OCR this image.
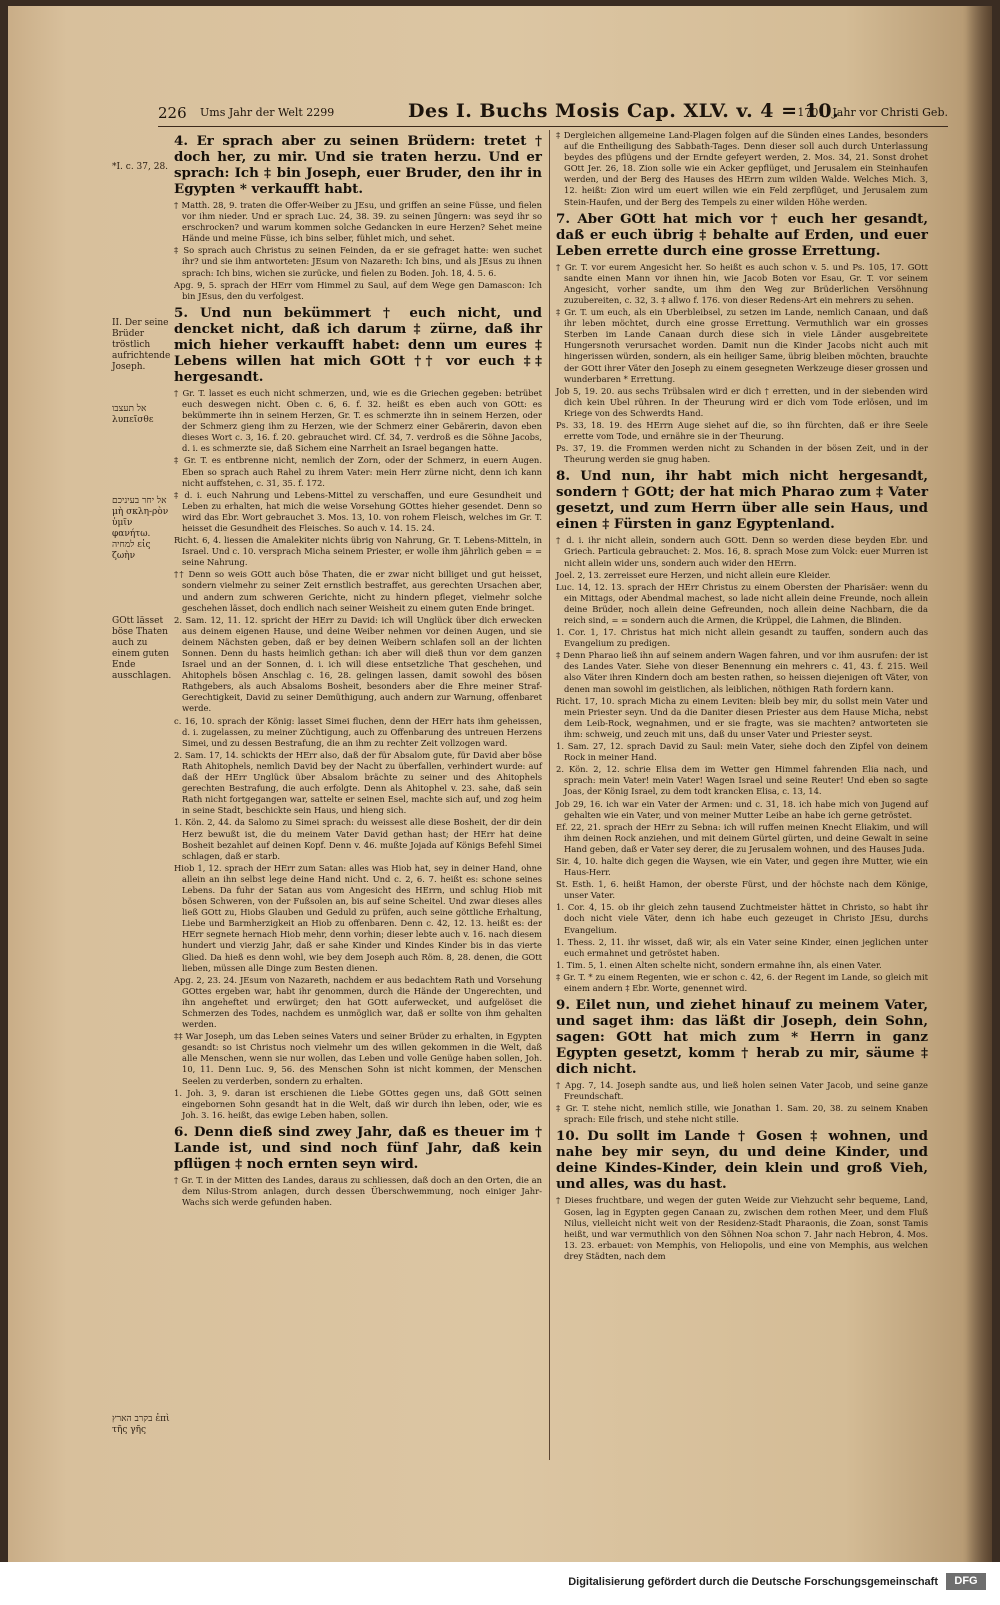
226 Ums Jahr der Welt 2299	Des I. Buchs Mosis Cap. XLV. v. 4 = 10.
1701. Jahr vor Christi Geb.
*I. c. 37, 28.
II. Der seine Brüder tröstlich aufrichtende Joseph.
אל תעצבו λυπεῖσθε
אל יחר בעיניכם μὴ σκλη-ρὸν ὑμῖν φανήτω. למחיה εἰς ζωὴν
GOtt lässet böse Thaten auch zu einem guten Ende ausschlagen.
בקרב הארץ ἐπὶ τῆς γῆς
4. Er sprach aber zu seinen Brüdern: tretet † doch her, zu mir. Und sie traten herzu. Und er sprach: Ich ‡ bin Joseph, euer Bruder, den ihr in Egypten * verkaufft habt.
† Matth. 28, 9. traten die Offer-Weiber zu JEsu, und griffen an seine Füsse, und fielen vor ihm nieder. Und er sprach Luc. 24, 38. 39. zu seinen Jüngern: was seyd ihr so erschrocken? und warum kommen solche Gedancken in eure Herzen? Sehet meine Hände und meine Füsse, ich bins selber, fühlet mich, und sehet.
‡ So sprach auch Christus zu seinen Feinden, da er sie gefraget hatte: wen suchet ihr? und sie ihm antworteten: JEsum von Nazareth: Ich bins, und als JEsus zu ihnen sprach: Ich bins, wichen sie zurücke, und fielen zu Boden. Joh. 18, 4. 5. 6.
Apg. 9, 5. sprach der HErr vom Himmel zu Saul, auf dem Wege gen Damascon: Ich bin JEsus, den du verfolgest.
5. Und nun bekümmert † euch nicht, und dencket nicht, daß ich darum ‡ zürne, daß ihr mich hieher verkaufft habet: denn um eures ‡ Lebens willen hat mich GOtt †† vor euch ‡‡ hergesandt.
† Gr. T. lasset es euch nicht schmerzen, und, wie es die Griechen gegeben: betrübet euch deswegen nicht. Oben c. 6, 6. f. 32. heißt es eben auch von GOtt: es bekümmerte ihn in seinem Herzen, Gr. T. es schmerzte ihn in seinem Herzen, oder der Schmerz gieng ihm zu Herzen, wie der Schmerz einer Gebärerin, davon eben dieses Wort c. 3, 16. f. 20. gebrauchet wird. Cf. 34, 7. verdroß es die Söhne Jacobs, d. i. es schmerzte sie, daß Sichem eine Narrheit an Israel begangen hatte.
‡ Gr. T. es entbrenne nicht, nemlich der Zorn, oder der Schmerz, in euern Augen. Eben so sprach auch Rahel zu ihrem Vater: mein Herr zürne nicht, denn ich kann nicht auffstehen, c. 31, 35. f. 172.
‡ d. i. euch Nahrung und Lebens-Mittel zu verschaffen, und eure Gesundheit und Leben zu erhalten, hat mich die weise Vorsehung GOttes hieher gesendet. Denn so wird das Ebr. Wort gebrauchet 3. Mos. 13, 10. von rohem Fleisch, welches im Gr. T. heisset die Gesundheit des Fleisches. So auch v. 14. 15. 24.
Richt. 6, 4. liessen die Amalekiter nichts übrig von Nahrung, Gr. T. Lebens-Mitteln, in Israel. Und c. 10. versprach Micha seinem Priester, er wolle ihm jährlich geben = = seine Nahrung.
†† Denn so weis GOtt auch böse Thaten, die er zwar nicht billiget und gut heisset, sondern vielmehr zu seiner Zeit ernstlich bestraffet, aus gerechten Ursachen aber, und andern zum schweren Gerichte, nicht zu hindern pfleget, vielmehr solche geschehen lässet, doch endlich nach seiner Weisheit zu einem guten Ende bringet.
2. Sam. 12, 11. 12. spricht der HErr zu David: ich will Unglück über dich erwecken aus deinem eigenen Hause, und deine Weiber nehmen vor deinen Augen, und sie deinem Nächsten geben, daß er bey deinen Weibern schlafen soll an der lichten Sonnen. Denn du hasts heimlich gethan: ich aber will dieß thun vor dem ganzen Israel und an der Sonnen, d. i. ich will diese entsetzliche That geschehen, und Ahitophels bösen Anschlag c. 16, 28. gelingen lassen, damit sowohl des bösen Rathgebers, als auch Absaloms Bosheit, besonders aber die Ehre meiner Straf-Gerechtigkeit, David zu seiner Demüthigung, auch andern zur Warnung, offenbaret werde.
c. 16, 10. sprach der König: lasset Simei fluchen, denn der HErr hats ihm geheissen, d. i. zugelassen, zu meiner Züchtigung, auch zu Offenbarung des untreuen Herzens Simei, und zu dessen Bestrafung, die an ihm zu rechter Zeit vollzogen ward.
2. Sam. 17, 14. schickts der HErr also, daß der für Absalom gute, für David aber böse Rath Ahitophels, nemlich David bey der Nacht zu überfallen, verhindert wurde: auf daß der HErr Unglück über Absalom brächte zu seiner und des Ahitophels gerechten Bestrafung, die auch erfolgte. Denn als Ahitophel v. 23. sahe, daß sein Rath nicht fortgegangen war, sattelte er seinen Esel, machte sich auf, und zog heim in seine Stadt, beschickte sein Haus, und hieng sich.
1. Kön. 2, 44. da Salomo zu Simei sprach: du weissest alle diese Bosheit, der dir dein Herz bewußt ist, die du meinem Vater David gethan hast; der HErr hat deine Bosheit bezahlet auf deinen Kopf. Denn v. 46. mußte Jojada auf Königs Befehl Simei schlagen, daß er starb.
Hiob 1, 12. sprach der HErr zum Satan: alles was Hiob hat, sey in deiner Hand, ohne allein an ihn selbst lege deine Hand nicht. Und c. 2, 6. 7. heißt es: schone seines Lebens. Da fuhr der Satan aus vom Angesicht des HErrn, und schlug Hiob mit bösen Schweren, von der Fußsolen an, bis auf seine Scheitel. Und zwar dieses alles ließ GOtt zu, Hiobs Glauben und Geduld zu prüfen, auch seine göttliche Erhaltung, Liebe und Barmherzigkeit an Hiob zu offenbaren. Denn c. 42, 12. 13. heißt es: der HErr segnete hernach Hiob mehr, denn vorhin; dieser lebte auch v. 16. nach diesem hundert und vierzig Jahr, daß er sahe Kinder und Kindes Kinder bis in das vierte Glied. Da hieß es denn wohl, wie bey dem Joseph auch Röm. 8, 28. denen, die GOtt lieben, müssen alle Dinge zum Besten dienen.
Apg. 2, 23. 24. JEsum von Nazareth, nachdem er aus bedachtem Rath und Vorsehung GOttes ergeben war, habt ihr genommen, durch die Hände der Ungerechten, und ihn angeheftet und erwürget; den hat GOtt auferwecket, und aufgelöset die Schmerzen des Todes, nachdem es unmöglich war, daß er sollte von ihm gehalten werden.
‡‡ War Joseph, um das Leben seines Vaters und seiner Brüder zu erhalten, in Egypten gesandt: so ist Christus noch vielmehr um des willen gekommen in die Welt, daß alle Menschen, wenn sie nur wollen, das Leben und volle Genüge haben sollen, Joh. 10, 11. Denn Luc. 9, 56. des Menschen Sohn ist nicht kommen, der Menschen Seelen zu verderben, sondern zu erhalten.
1. Joh. 3, 9. daran ist erschienen die Liebe GOttes gegen uns, daß GOtt seinen eingebornen Sohn gesandt hat in die Welt, daß wir durch ihn leben, oder, wie es Joh. 3. 16. heißt, das ewige Leben haben, sollen.
6. Denn dieß sind zwey Jahr, daß es theuer im † Lande ist, und sind noch fünf Jahr, daß kein pflügen ‡ noch ernten seyn wird.
† Gr. T. in der Mitten des Landes, daraus zu schliessen, daß doch an den Orten, die an dem Nilus-Strom anlagen, durch dessen Überschwemmung, noch einiger Jahr-Wachs sich werde gefunden haben.
‡ Dergleichen allgemeine Land-Plagen folgen auf die Sünden eines Landes, besonders auf die Entheiligung des Sabbath-Tages. Denn dieser soll auch durch Unterlassung beydes des pflügens und der Erndte gefeyert werden, 2. Mos. 34, 21. Sonst drohet GOtt Jer. 26, 18. Zion solle wie ein Acker gepflüget, und Jerusalem ein Steinhaufen werden, und der Berg des Hauses des HErrn zum wilden Walde. Welches Mich. 3, 12. heißt: Zion wird um euert willen wie ein Feld zerpflüget, und Jerusalem zum Stein-Haufen, und der Berg des Tempels zu einer wilden Höhe werden.
7. Aber GOtt hat mich vor † euch her gesandt, daß er euch übrig ‡ behalte auf Erden, und euer Leben errette durch eine grosse Errettung.
† Gr. T. vor eurem Angesicht her. So heißt es auch schon v. 5. und Ps. 105, 17. GOtt sandte einen Mann vor ihnen hin, wie Jacob Boten vor Esau, Gr. T. vor seinem Angesicht, vorher sandte, um ihm den Weg zur Brüderlichen Versöhnung zuzubereiten, c. 32, 3. ‡ allwo f. 176. von dieser Redens-Art ein mehrers zu sehen.
‡ Gr. T. um euch, als ein Uberbleibsel, zu setzen im Lande, nemlich Canaan, und daß ihr leben möchtet, durch eine grosse Errettung. Vermuthlich war ein grosses Sterben im Lande Canaan durch diese sich in viele Länder ausgebreitete Hungersnoth verursachet worden. Damit nun die Kinder Jacobs nicht auch mit hingerissen würden, sondern, als ein heiliger Same, übrig bleiben möchten, brauchte der GOtt ihrer Väter den Joseph zu einem gesegneten Werkzeuge dieser grossen und wunderbaren * Errettung.
Job 5, 19. 20. aus sechs Trübsalen wird er dich † erretten, und in der siebenden wird dich kein Ubel rühren. In der Theurung wird er dich vom Tode erlösen, und im Kriege von des Schwerdts Hand.
Ps. 33, 18. 19. des HErrn Auge siehet auf die, so ihn fürchten, daß er ihre Seele errette vom Tode, und ernähre sie in der Theurung.
Ps. 37, 19. die Frommen werden nicht zu Schanden in der bösen Zeit, und in der Theurung werden sie gnug haben.
8. Und nun, ihr habt mich nicht hergesandt, sondern † GOtt; der hat mich Pharao zum ‡ Vater gesetzt, und zum Herrn über alle sein Haus, und einen ‡ Fürsten in ganz Egyptenland.
† d. i. ihr nicht allein, sondern auch GOtt. Denn so werden diese beyden Ebr. und Griech. Particula gebrauchet: 2. Mos. 16, 8. sprach Mose zum Volck: euer Murren ist nicht allein wider uns, sondern auch wider den HErrn.
Joel. 2, 13. zerreisset eure Herzen, und nicht allein eure Kleider.
Luc. 14, 12. 13. sprach der HErr Christus zu einem Obersten der Pharisäer: wenn du ein Mittags, oder Abendmal machest, so lade nicht allein deine Freunde, noch allein deine Brüder, noch allein deine Gefreunden, noch allein deine Nachbarn, die da reich sind, = = sondern auch die Armen, die Krüppel, die Lahmen, die Blinden.
1. Cor. 1, 17. Christus hat mich nicht allein gesandt zu tauffen, sondern auch das Evangelium zu predigen.
‡ Denn Pharao ließ ihn auf seinem andern Wagen fahren, und vor ihm ausrufen: der ist des Landes Vater. Siehe von dieser Benennung ein mehrers c. 41, 43. f. 215. Weil also Väter ihren Kindern doch am besten rathen, so heissen diejenigen oft Väter, von denen man sowohl im geistlichen, als leiblichen, nöthigen Rath fordern kann.
Richt. 17, 10. sprach Micha zu einem Leviten: bleib bey mir, du sollst mein Vater und mein Priester seyn. Und da die Daniter diesen Priester aus dem Hause Micha, nebst dem Leib-Rock, wegnahmen, und er sie fragte, was sie machten? antworteten sie ihm: schweig, und zeuch mit uns, daß du unser Vater und Priester seyst.
1. Sam. 27, 12. sprach David zu Saul: mein Vater, siehe doch den Zipfel von deinem Rock in meiner Hand.
2. Kön. 2, 12. schrie Elisa dem im Wetter gen Himmel fahrenden Elia nach, und sprach: mein Vater! mein Vater! Wagen Israel und seine Reuter! Und eben so sagte Joas, der König Israel, zu dem todt krancken Elisa, c. 13, 14.
Job 29, 16. ich war ein Vater der Armen: und c. 31, 18. ich habe mich von Jugend auf gehalten wie ein Vater, und von meiner Mutter Leibe an habe ich gerne getröstet.
Ef. 22, 21. sprach der HErr zu Sebna: ich will ruffen meinen Knecht Eliakim, und will ihm deinen Rock anziehen, und mit deinem Gürtel gürten, und deine Gewalt in seine Hand geben, daß er Vater sey derer, die zu Jerusalem wohnen, und des Hauses Juda.
Sir. 4, 10. halte dich gegen die Waysen, wie ein Vater, und gegen ihre Mutter, wie ein Haus-Herr.
St. Esth. 1, 6. heißt Hamon, der oberste Fürst, und der höchste nach dem Könige, unser Vater.
1. Cor. 4, 15. ob ihr gleich zehn tausend Zuchtmeister hättet in Christo, so habt ihr doch nicht viele Väter, denn ich habe euch gezeuget in Christo JEsu, durchs Evangelium.
1. Thess. 2, 11. ihr wisset, daß wir, als ein Vater seine Kinder, einen jeglichen unter euch ermahnet und getröstet haben.
1. Tim. 5, 1. einen Alten schelte nicht, sondern ermahne ihn, als einen Vater.
‡ Gr. T. * zu einem Regenten, wie er schon c. 42, 6. der Regent im Lande, so gleich mit einem andern ‡ Ebr. Worte, genennet wird.
9. Eilet nun, und ziehet hinauf zu meinem Vater, und saget ihm: das läßt dir Joseph, dein Sohn, sagen: GOtt hat mich zum * Herrn in ganz Egypten gesetzt, komm † herab zu mir, säume ‡ dich nicht.
† Apg. 7, 14. Joseph sandte aus, und ließ holen seinen Vater Jacob, und seine ganze Freundschaft.
‡ Gr. T. stehe nicht, nemlich stille, wie Jonathan 1. Sam. 20, 38. zu seinem Knaben sprach: Eile frisch, und stehe nicht stille.
10. Du sollt im Lande † Gosen ‡ wohnen, und nahe bey mir seyn, du und deine Kinder, und deine Kindes-Kinder, dein klein und groß Vieh, und alles, was du hast.
† Dieses fruchtbare, und wegen der guten Weide zur Viehzucht sehr bequeme, Land, Gosen, lag in Egypten gegen Canaan zu, zwischen dem rothen Meer, und dem Fluß Nilus, vielleicht nicht weit von der Residenz-Stadt Pharaonis, die Zoan, sonst Tamis heißt, und war vermuthlich von den Söhnen Noa schon 7. Jahr nach Hebron, 4. Mos. 13. 23. erbauet: von Memphis, von Heliopolis, und eine von Memphis, aus welchen drey Städten, nach dem
Digitalisierung gefördert durch die Deutsche Forschungsgemeinschaft	DFG
